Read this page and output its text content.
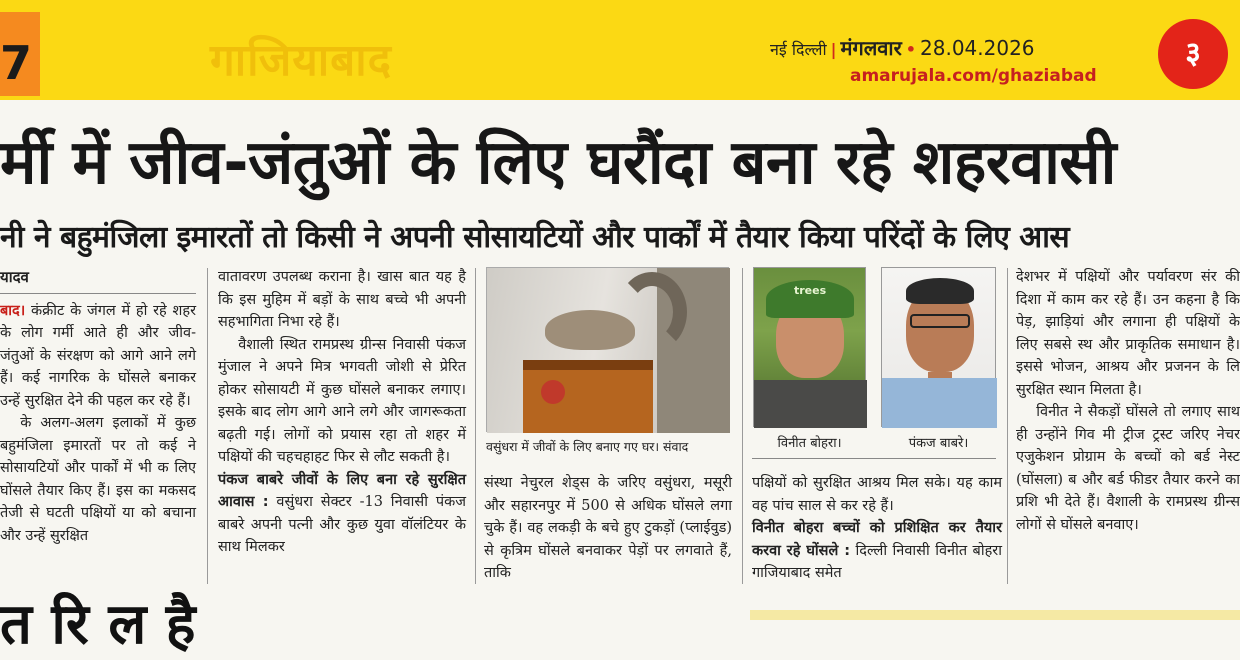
7	गाजियाबाद	नई दिल्ली | मंगलवार • 28.04.2026
amarujala.com/ghaziabad
३
र्मी में जीव-जंतुओं के लिए घरौंदा बना रहे शहरवासी
नी ने बहुमंजिला इमारतों तो किसी ने अपनी सोसायटियों और पार्कों में तैयार किया परिंदों के लिए आस
यादव

बाद। कंक्रीट के जंगल में हो रहे शहर के लोग गर्मी आते ही और जीव-जंतुओं के संरक्षण को आगे आने लगे हैं। कई नागरिक के घोंसले बनाकर उन्हें सुरक्षित देने की पहल कर रहे हैं।

के अलग-अलग इलाकों में कुछ बहुमंजिला इमारतों पर तो कई ने सोसायटियों और पार्कों में भी क लिए घोंसले तैयार किए हैं। इस का मकसद तेजी से घटती पक्षियों या को बचाना और उन्हें सुरक्षित

वातावरण उपलब्ध कराना है। खास बात यह है कि इस मुहिम में बड़ों के साथ बच्चे भी अपनी सहभागिता निभा रहे हैं।

वैशाली स्थित रामप्रस्थ ग्रीन्स निवासी पंकज मुंजाल ने अपने मित्र भगवती जोशी से प्रेरित होकर सोसायटी में कुछ घोंसले बनाकर लगाए। इसके बाद लोग आगे आने लगे और जागरूकता बढ़ती गई। लोगों को प्रयास रहा तो शहर में पक्षियों की चहचहाहट फिर से लौट सकती है।

पंकज बाबरे जीवों के लिए बना रहे सुरक्षित आवास : वसुंधरा सेक्टर -13 निवासी पंकज बाबरे अपनी पत्नी और कुछ युवा वॉलंटियर के साथ मिलकर

वसुंधरा में जीवों के लिए बनाए गए घर। संवाद

संस्था नेचुरल शेड्स के जरिए वसुंधरा, मसूरी और सहारनपुर में 500 से अधिक घोंसले लगा चुके हैं। वह लकड़ी के बचे हुए टुकड़ों (प्लाईवुड) से कृत्रिम घोंसले बनवाकर पेड़ों पर लगवाते हैं, ताकि

trees
विनीत बोहरा।	पंकज बाबरे।

पक्षियों को सुरक्षित आश्रय मिल सके। यह काम वह पांच साल से कर रहे हैं।

विनीत बोहरा बच्चों को प्रशिक्षित कर तैयार करवा रहे घोंसले : दिल्ली निवासी विनीत बोहरा गाजियाबाद समेत

देशभर में पक्षियों और पर्यावरण संर की दिशा में काम कर रहे हैं। उन कहना है कि पेड़, झाड़ियां और लगाना ही पक्षियों के लिए सबसे स्थ और प्राकृतिक समाधान है। इससे भोजन, आश्रय और प्रजनन के लि सुरक्षित स्थान मिलता है।

विनीत ने सैकड़ों घोंसले तो लगाए साथ ही उन्होंने गिव मी ट्रीज ट्रस्ट जरिए नेचर एजुकेशन प्रोग्राम के बच्चों को बर्ड नेस्ट (घोंसला) ब और बर्ड फीडर तैयार करने का प्रशि भी देते हैं। वैशाली के रामप्रस्थ ग्रीन्स लोगों से घोंसले बनवाए।

त रि ल है
